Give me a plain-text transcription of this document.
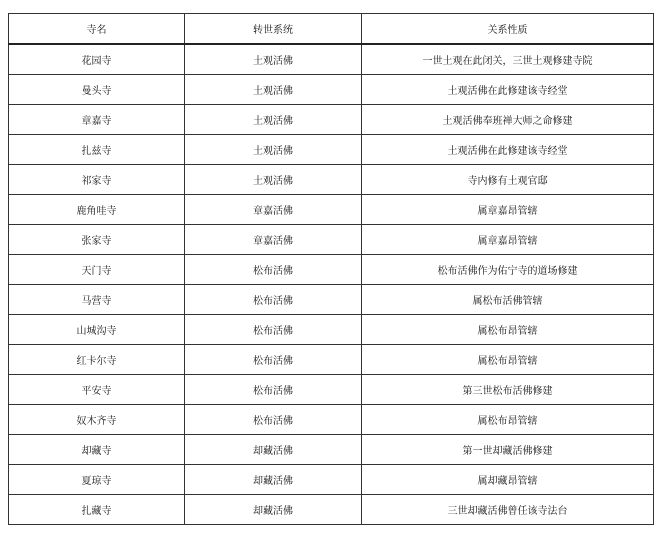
寺名	转世系统	关系性质
花园寺	土观活佛	一世土观在此闭关，三世土观修建寺院
曼头寺	土观活佛	土观活佛在此修建该寺经堂
章嘉寺	土观活佛	土观活佛奉班禅大师之命修建
扎兹寺	土观活佛	土观活佛在此修建该寺经堂
祁家寺	土观活佛	寺内修有土观官邸
鹿角哇寺	章嘉活佛	属章嘉昂管辖
张家寺	章嘉活佛	属章嘉昂管辖
天门寺	松布活佛	松布活佛作为佑宁寺的道场修建
马营寺	松布活佛	属松布活佛管辖
山城沟寺	松布活佛	属松布昂管辖
红卡尔寺	松布活佛	属松布昂管辖
平安寺	松布活佛	第三世松布活佛修建
奴木齐寺	松布活佛	属松布昂管辖
却藏寺	却藏活佛	第一世却藏活佛修建
夏琼寺	却藏活佛	属却藏昂管辖
扎藏寺	却藏活佛	三世却藏活佛曾任该寺法台
